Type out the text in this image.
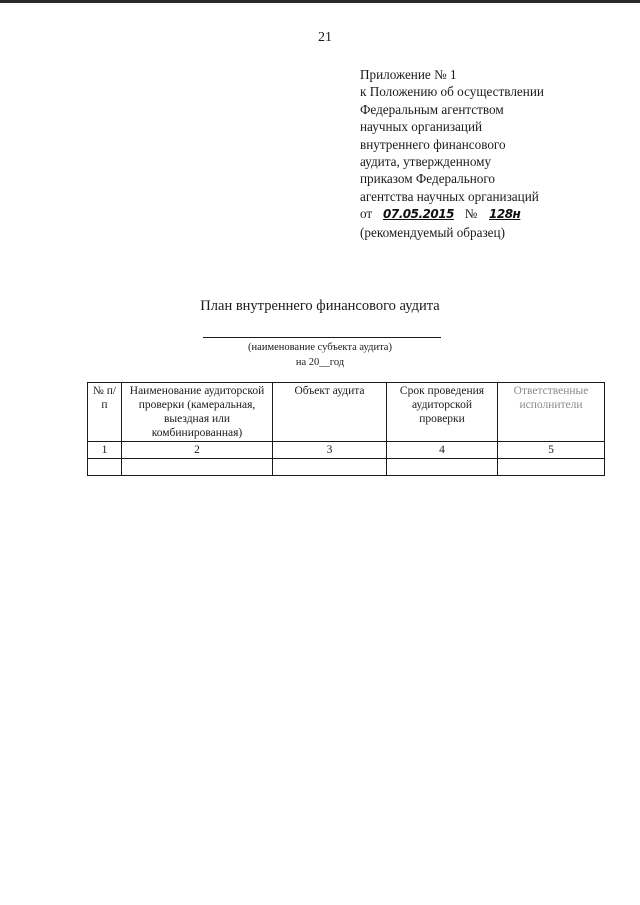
21
Приложение № 1
к Положению об осуществлении
Федеральным агентством
научных организаций
внутреннего финансового
аудита, утвержденному
приказом Федерального
агентства научных организаций
от 07.05.2015 № 128н
(рекомендуемый образец)
План внутреннего финансового аудита
(наименование субъекта аудита)
на 20__год
№ п/п	Наименование аудиторской проверки (камеральная, выездная или комбинированная)	Объект аудита	Срок проведения аудиторской проверки	Ответственные исполнители
1	2	3	4	5
